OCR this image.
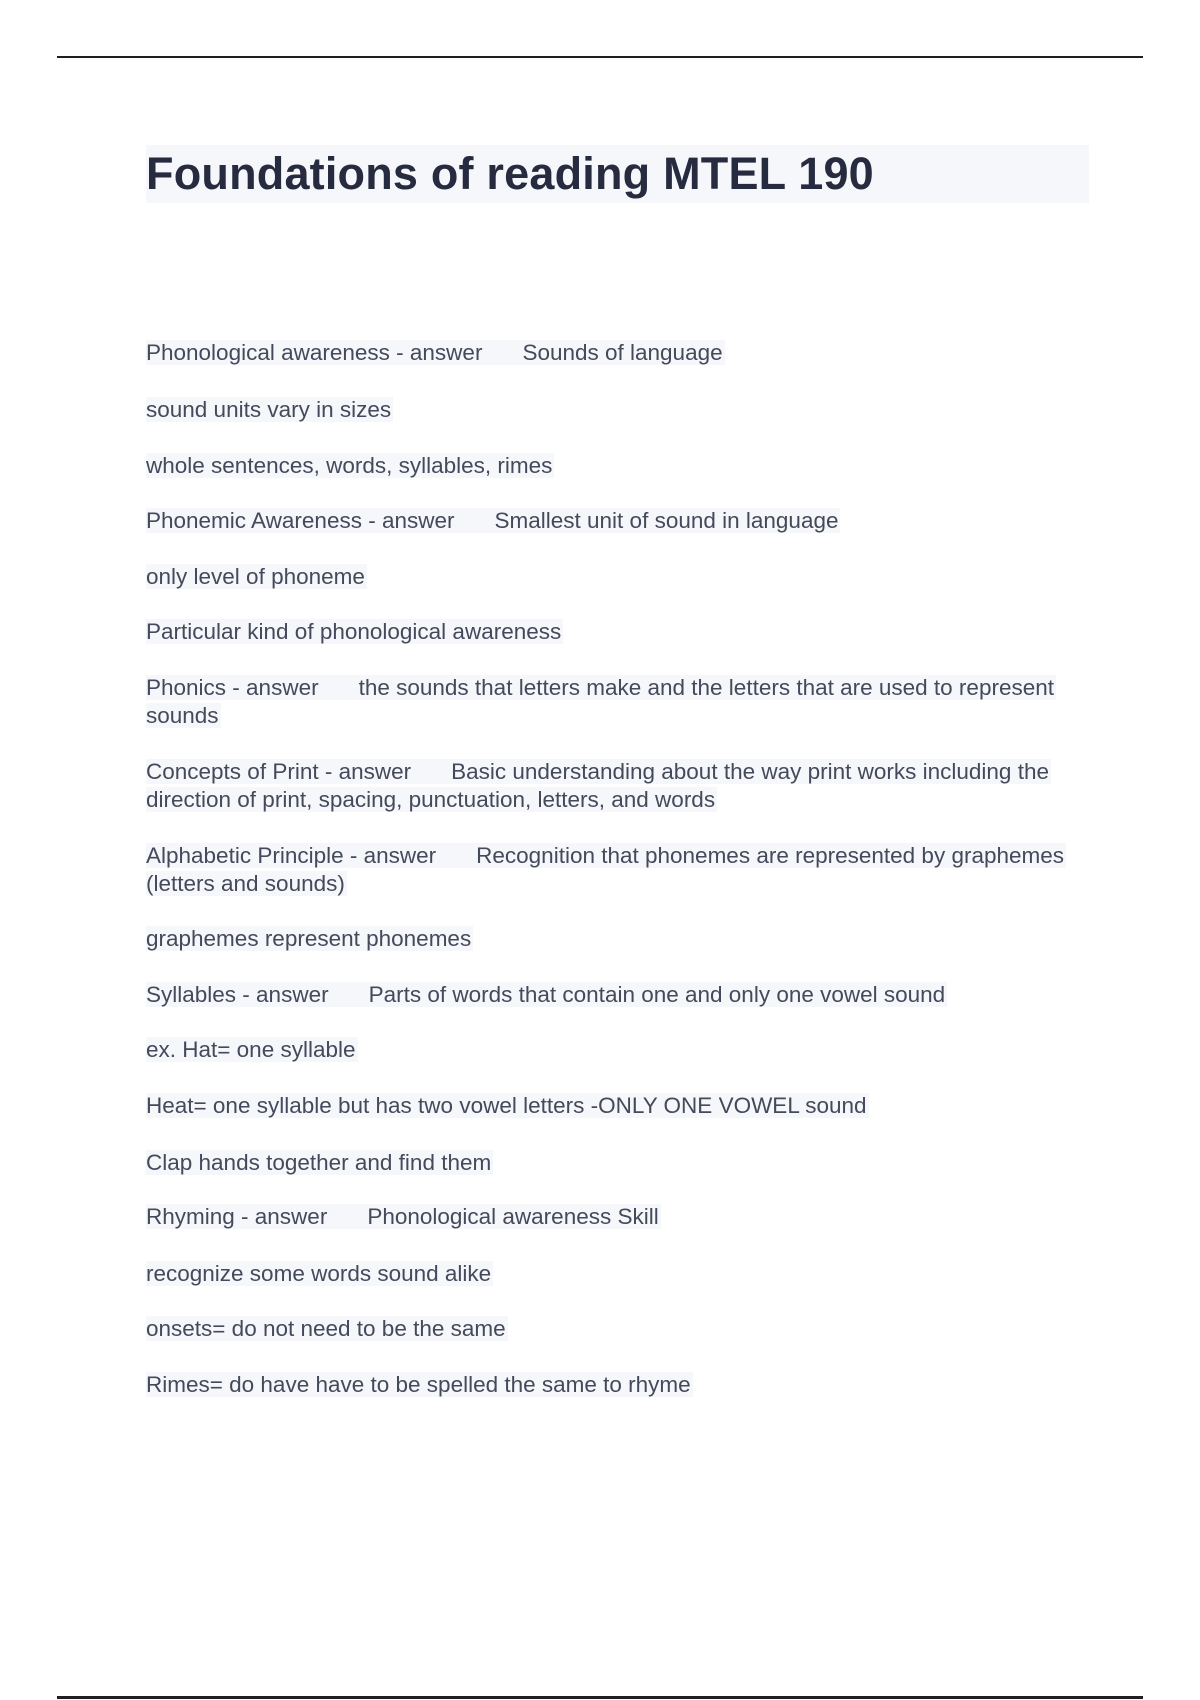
Foundations of reading MTEL 190
Phonological awareness - answer Sounds of language
sound units vary in sizes
whole sentences, words, syllables, rimes
Phonemic Awareness - answer Smallest unit of sound in language
only level of phoneme
Particular kind of phonological awareness
Phonics - answer the sounds that letters make and the letters that are used to represent sounds
Concepts of Print - answer Basic understanding about the way print works including the direction of print, spacing, punctuation, letters, and words
Alphabetic Principle - answer Recognition that phonemes are represented by graphemes (letters and sounds)
graphemes represent phonemes
Syllables - answer Parts of words that contain one and only one vowel sound
ex. Hat= one syllable
Heat= one syllable but has two vowel letters -ONLY ONE VOWEL sound
Clap hands together and find them
Rhyming - answer Phonological awareness Skill
recognize some words sound alike
onsets= do not need to be the same
Rimes= do have have to be spelled the same to rhyme
